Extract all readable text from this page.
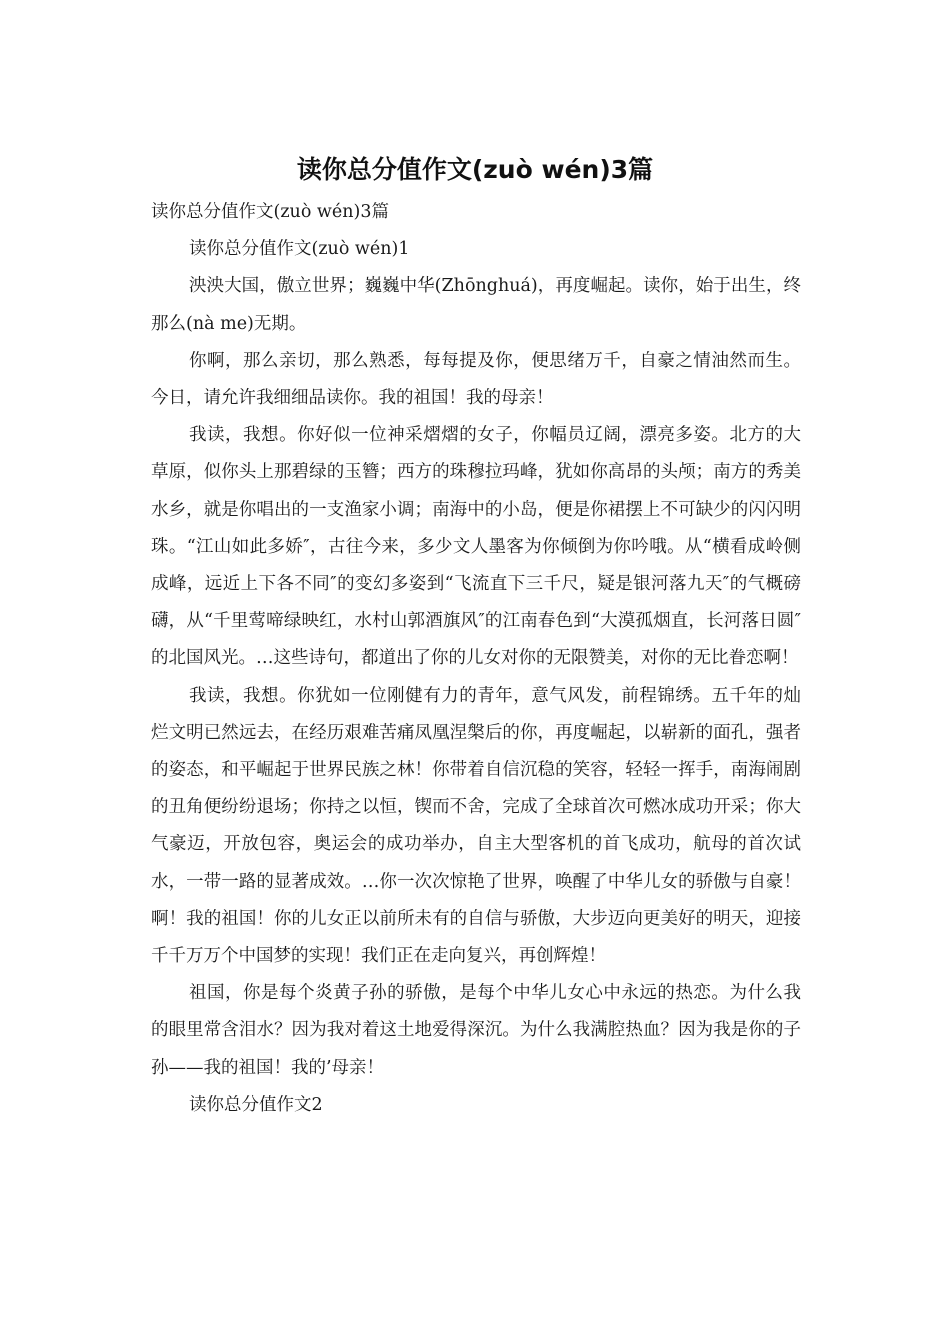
读你总分值作文(zuò wén)3篇

读你总分值作文(zuò wén)3篇

读你总分值作文(zuò wén)1

泱泱大国，傲立世界；巍巍中华(Zhōnghuá)，再度崛起。读你，始于出生，终那么(nà me)无期。

你啊，那么亲切，那么熟悉，每每提及你，便思绪万千，自豪之情油然而生。今日，请允许我细细品读你。我的祖国！我的母亲！

我读，我想。你好似一位神采熠熠的女子，你幅员辽阔，漂亮多姿。北方的大草原，似你头上那碧绿的玉簪；西方的珠穆拉玛峰，犹如你高昂的头颅；南方的秀美水乡，就是你唱出的一支渔家小调；南海中的小岛，便是你裙摆上不可缺少的闪闪明珠。“江山如此多娇″，古往今来，多少文人墨客为你倾倒为你吟哦。从“横看成岭侧成峰，远近上下各不同″的变幻多姿到“飞流直下三千尺，疑是银河落九天″的气概磅礴，从“千里莺啼绿映红，水村山郭酒旗风″的江南春色到“大漠孤烟直，长河落日圆″的北国风光。…这些诗句，都道出了你的儿女对你的无限赞美，对你的无比眷恋啊！

我读，我想。你犹如一位刚健有力的青年，意气风发，前程锦绣。五千年的灿烂文明已然远去，在经历艰难苦痛凤凰涅槃后的你，再度崛起，以崭新的面孔，强者的姿态，和平崛起于世界民族之林！你带着自信沉稳的笑容，轻轻一挥手，南海闹剧的丑角便纷纷退场；你持之以恒，锲而不舍，完成了全球首次可燃冰成功开采；你大气豪迈，开放包容，奥运会的成功举办，自主大型客机的首飞成功，航母的首次试水，一带一路的显著成效。…你一次次惊艳了世界，唤醒了中华儿女的骄傲与自豪！啊！我的祖国！你的儿女正以前所未有的自信与骄傲，大步迈向更美好的明天，迎接千千万万个中国梦的实现！我们正在走向复兴，再创辉煌！

祖国，你是每个炎黄子孙的骄傲，是每个中华儿女心中永远的热恋。为什么我的眼里常含泪水？因为我对着这土地爱得深沉。为什么我满腔热血？因为我是你的子孙——我的祖国！我的’母亲！

读你总分值作文2
